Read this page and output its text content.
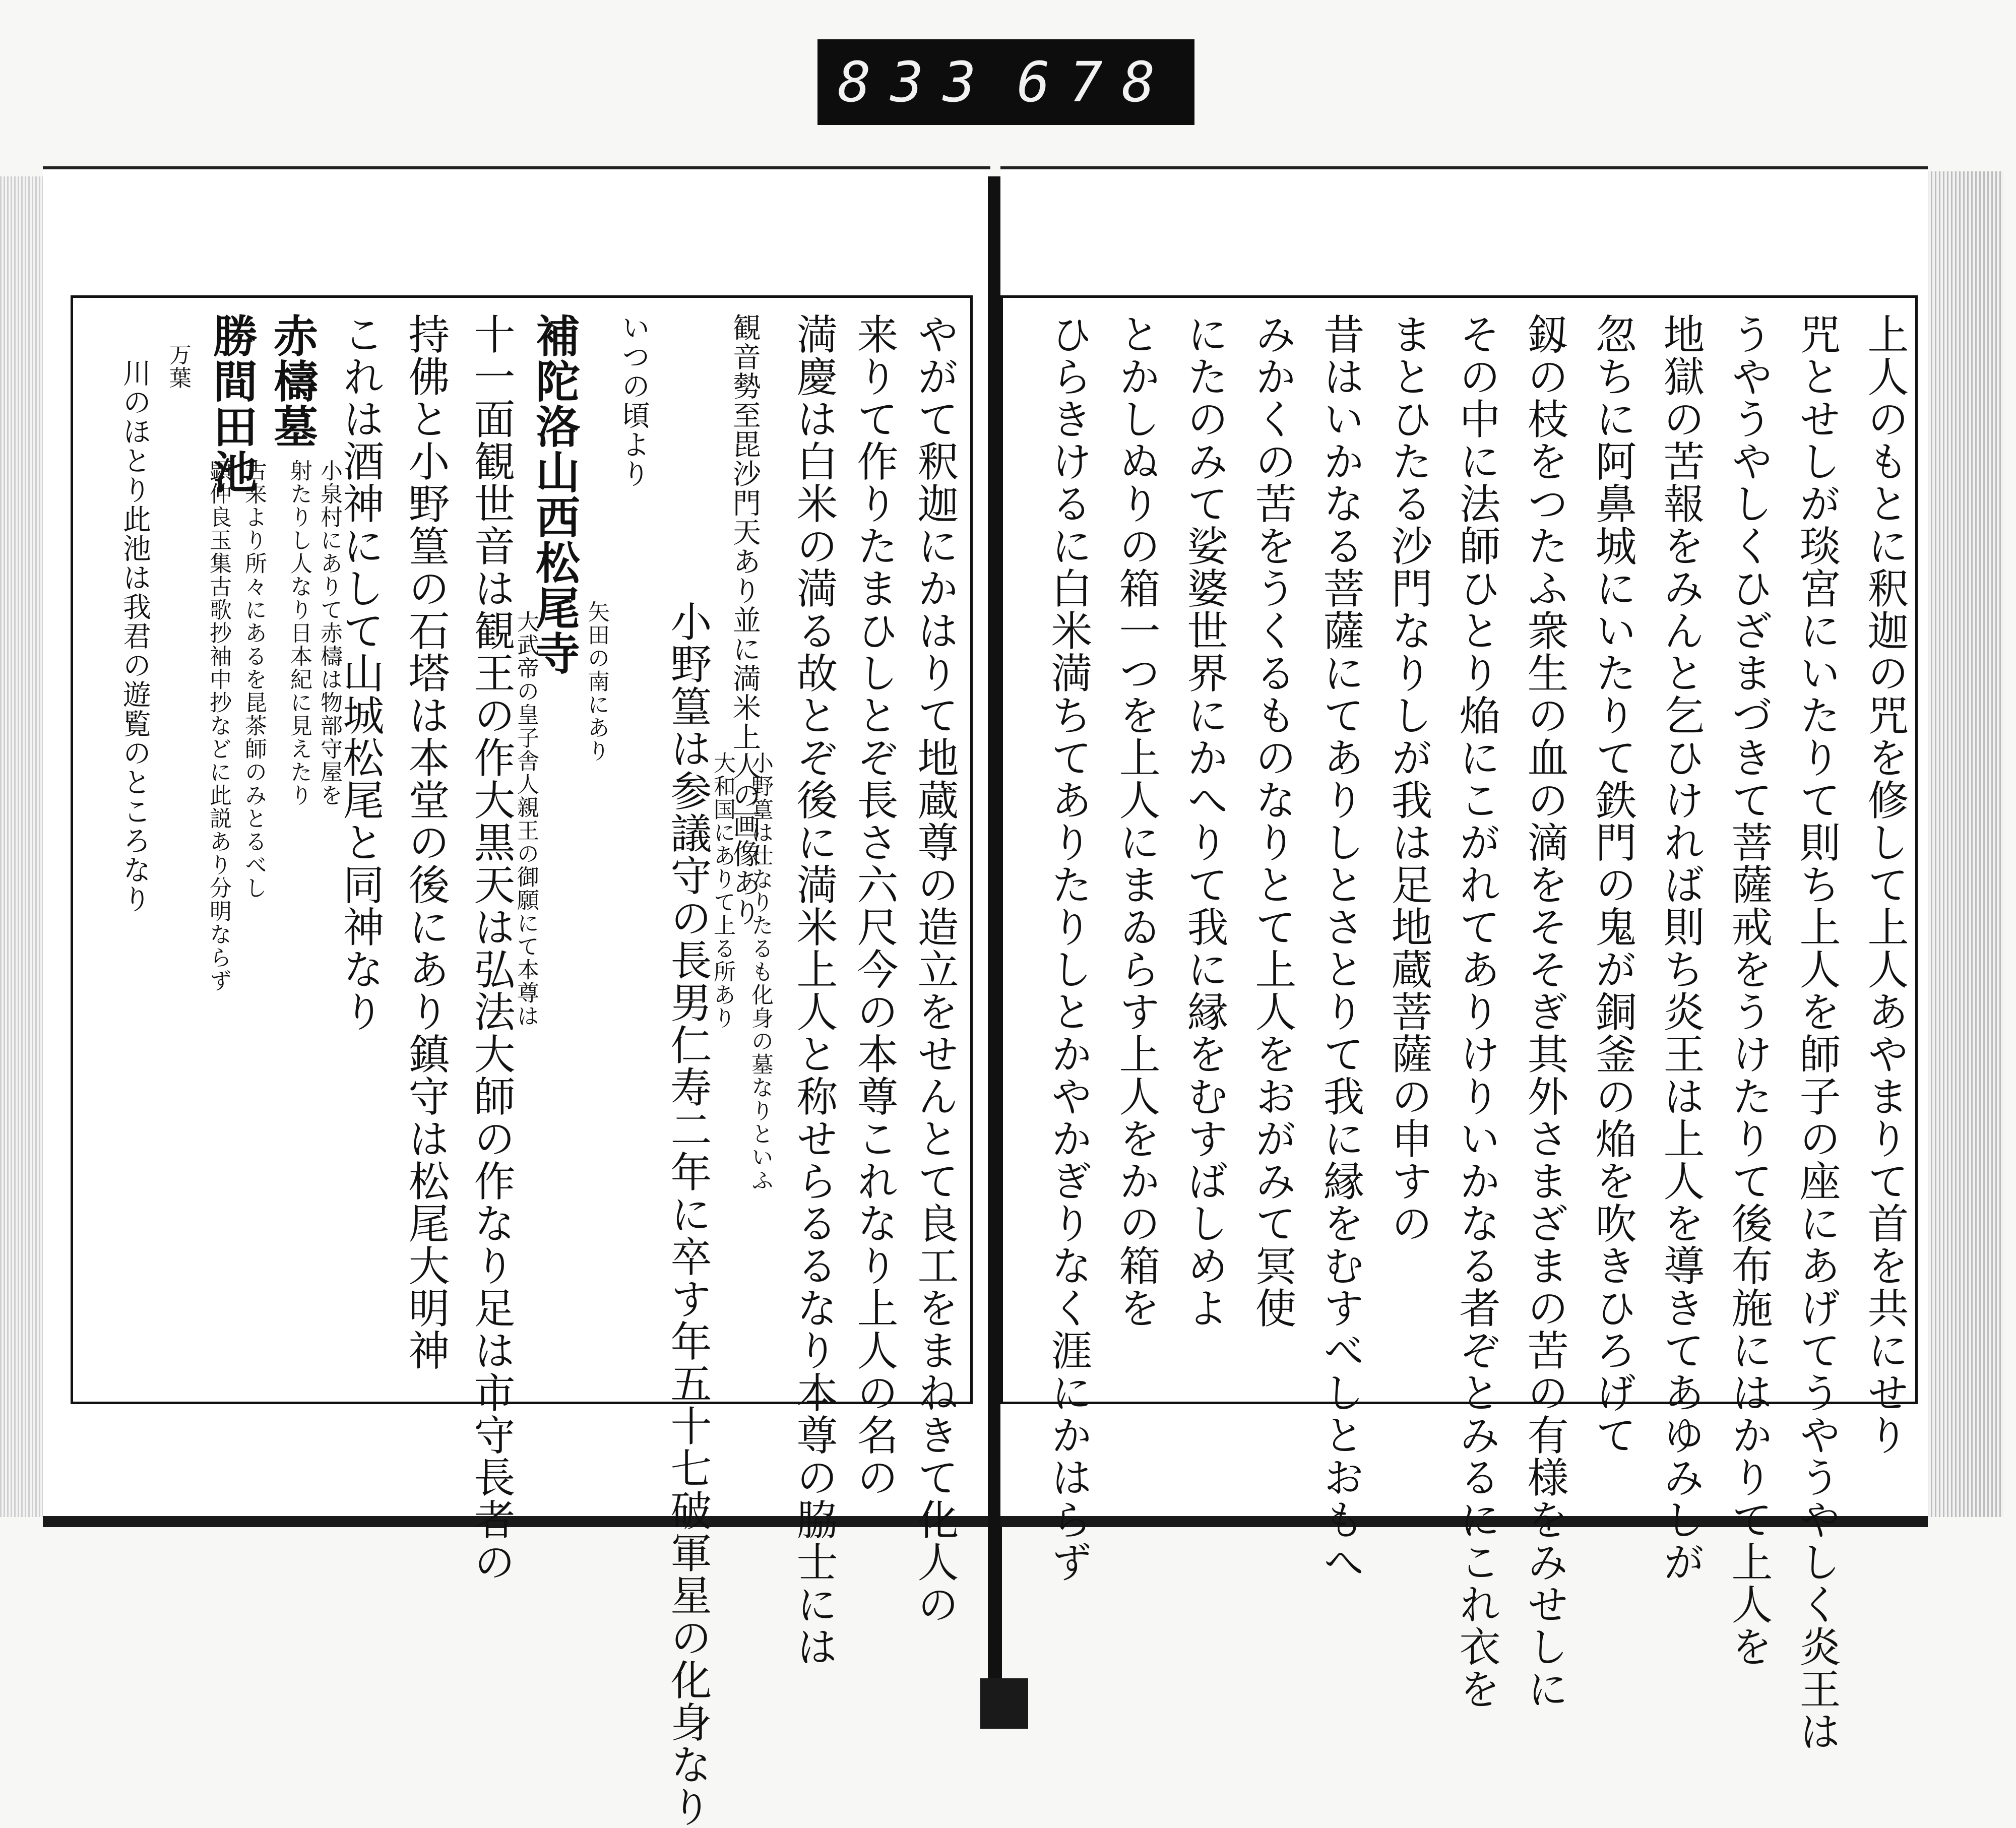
833 678
やがて釈迦にかはりて地蔵尊の造立をせんとて良工をまねきて化人の
来りて作りたまひしとぞ長さ六尺今の本尊これなり上人の名の
満慶は白米の満る故とぞ後に満米上人と称せらるるなり本尊の脇士には
観音勢至毘沙門天あり並に満米上人の画像あり
小野篁は仕なりたるも化身の墓なりといふ
大和国にありて上る所あり
小野篁は参議守の長男仁寿二年に卒す年五十七破軍星の化身なり
いつの頃より
補陀洛山西松尾寺
矢田の南にあり
大武帝の皇子舎人親王の御願にて本尊は
十一面観世音は観王の作大黒天は弘法大師の作なり足は市守長者の
持佛と小野篁の石塔は本堂の後にあり鎮守は松尾大明神
これは酒神にして山城松尾と同神なり
赤檮墓
小泉村にありて赤檮は物部守屋を
射たりし人なり日本紀に見えたり
勝間田池
古来より所々にあるを昆茶師のみとるべし
顕仲良玉集古歌抄袖中抄などに此説あり分明ならず
万葉
川のほとり此池は我君の遊覧のところなり	上人のもとに釈迦の咒を修して上人あやまりて首を共にせり
咒とせしが琰宮にいたりて則ち上人を師子の座にあげてうやうやしく炎王は
うやうやしくひざまづきて菩薩戒をうけたりて後布施にはかりて上人を
地獄の苦報をみんと乞ひければ則ち炎王は上人を導きてあゆみしが
忽ちに阿鼻城にいたりて鉄門の鬼が銅釜の焔を吹きひろげて
釼の枝をつたふ衆生の血の滴をそそぎ其外さまざまの苦の有様をみせしに
その中に法師ひとり焔にこがれてありけりいかなる者ぞとみるにこれ衣を
まとひたる沙門なりしが我は足地蔵菩薩の申すの
昔はいかなる菩薩にてありしとさとりて我に縁をむすべしとおもへ
みかくの苦をうくるものなりとて上人をおがみて冥使
にたのみて娑婆世界にかへりて我に縁をむすばしめよ
とかしぬりの箱一つを上人にまゐらす上人をかの箱を
ひらきけるに白米満ちてありたりしとかやかぎりなく涯にかはらず
